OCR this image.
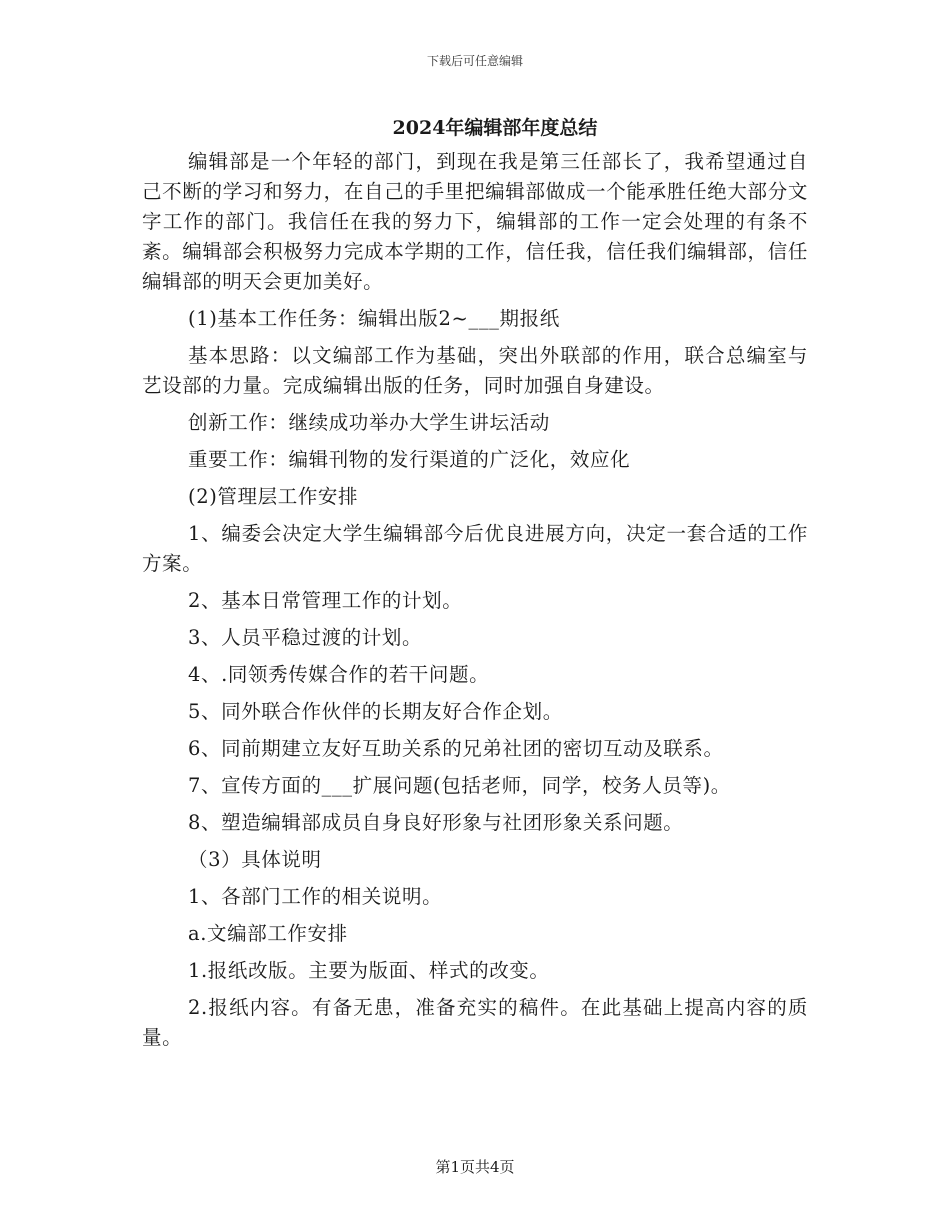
下载后可任意编辑
2024年编辑部年度总结

编辑部是一个年轻的部门，到现在我是第三任部长了，我希望通过自己不断的学习和努力，在自己的手里把编辑部做成一个能承胜任绝大部分文字工作的部门。我信任在我的努力下，编辑部的工作一定会处理的有条不紊。编辑部会积极努力完成本学期的工作，信任我，信任我们编辑部，信任编辑部的明天会更加美好。

(1)基本工作任务：编辑出版2~___期报纸

基本思路：以文编部工作为基础，突出外联部的作用，联合总编室与艺设部的力量。完成编辑出版的任务，同时加强自身建设。

创新工作：继续成功举办大学生讲坛活动

重要工作：编辑刊物的发行渠道的广泛化，效应化

(2)管理层工作安排

1、编委会决定大学生编辑部今后优良进展方向，决定一套合适的工作方案。

2、基本日常管理工作的计划。

3、人员平稳过渡的计划。

4、.同领秀传媒合作的若干问题。

5、同外联合作伙伴的长期友好合作企划。

6、同前期建立友好互助关系的兄弟社团的密切互动及联系。

7、宣传方面的___扩展问题(包括老师，同学，校务人员等)。

8、塑造编辑部成员自身良好形象与社团形象关系问题。

（3）具体说明

1、各部门工作的相关说明。

a.文编部工作安排

1.报纸改版。主要为版面、样式的改变。

2.报纸内容。有备无患，准备充实的稿件。在此基础上提高内容的质量。

第1页共4页
